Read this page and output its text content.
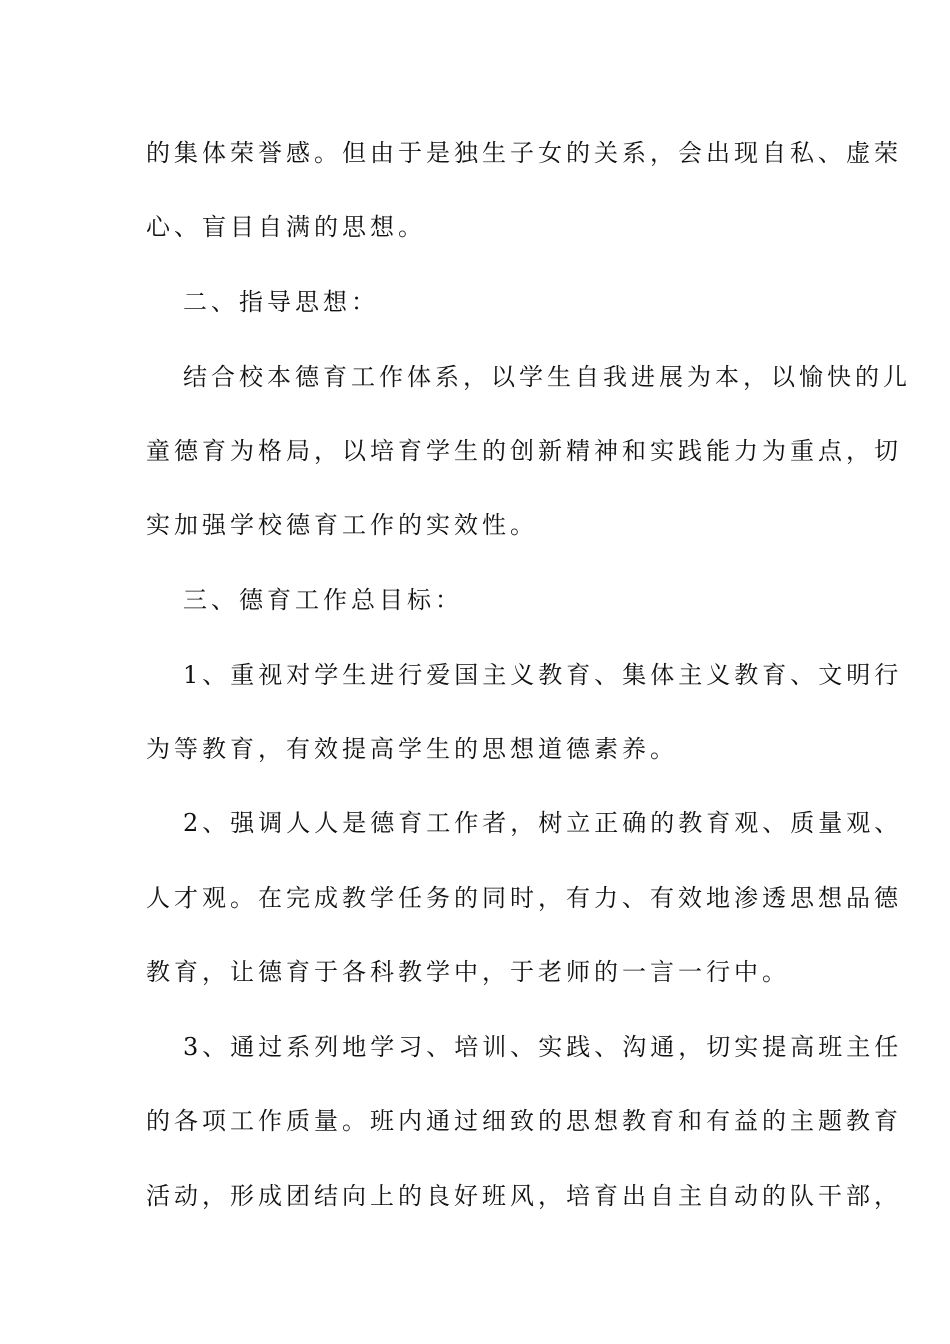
的集体荣誉感。但由于是独生子女的关系，会出现自私、虚荣
心、盲目自满的思想。
二、指导思想：
结合校本德育工作体系，以学生自我进展为本，以愉快的儿
童德育为格局，以培育学生的创新精神和实践能力为重点，切
实加强学校德育工作的实效性。
三、德育工作总目标：
1、重视对学生进行爱国主义教育、集体主义教育、文明行
为等教育，有效提高学生的思想道德素养。
2、强调人人是德育工作者，树立正确的教育观、质量观、
人才观。在完成教学任务的同时，有力、有效地渗透思想品德
教育，让德育于各科教学中，于老师的一言一行中。
3、通过系列地学习、培训、实践、沟通，切实提高班主任
的各项工作质量。班内通过细致的思想教育和有益的主题教育
活动，形成团结向上的良好班风，培育出自主自动的队干部，
